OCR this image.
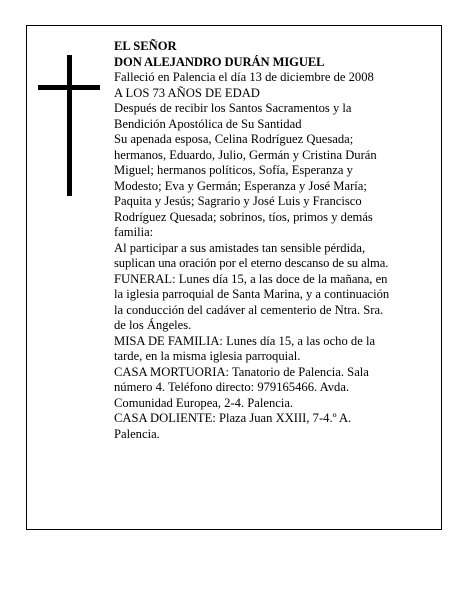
EL SEÑOR
DON ALEJANDRO DURÁN MIGUEL
Falleció en Palencia el día 13 de diciembre de 2008
A LOS 73 AÑOS DE EDAD
Después de recibir los Santos Sacramentos y la
Bendición Apostólica de Su Santidad
Su apenada esposa, Celina Rodríguez Quesada;
hermanos, Eduardo, Julio, Germán y Cristina Durán
Miguel; hermanos políticos, Sofía, Esperanza y
Modesto; Eva y Germán; Esperanza y José María;
Paquita y Jesús; Sagrario y José Luis y Francisco
Rodríguez Quesada; sobrinos, tíos, primos y demás
familia:
Al participar a sus amistades tan sensible pérdida,
suplican una oración por el eterno descanso de su alma.
FUNERAL: Lunes día 15, a las doce de la mañana, en
la iglesia parroquial de Santa Marina, y a continuación
la conducción del cadáver al cementerio de Ntra. Sra.
de los Ángeles.
MISA DE FAMILIA: Lunes día 15, a las ocho de la
tarde, en la misma iglesia parroquial.
CASA MORTUORIA: Tanatorio de Palencia. Sala
número 4. Teléfono directo: 979165466. Avda.
Comunidad Europea, 2-4. Palencia.
CASA DOLIENTE: Plaza Juan XXIII, 7-4.º A.
Palencia.
